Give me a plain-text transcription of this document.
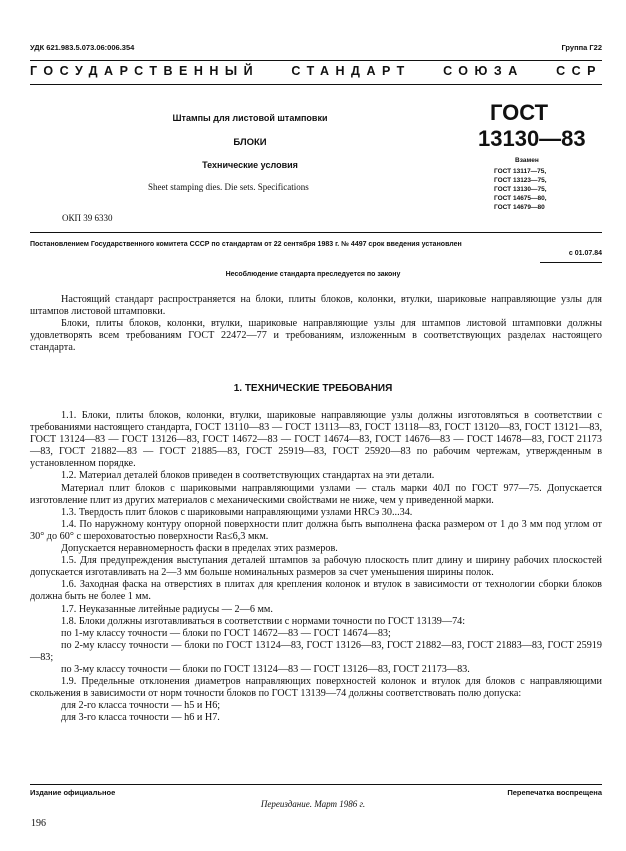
УДК 621.983.5.073.06:006.354	Группа Г22
ГОСУДАРСТВЕННЫЙ	СТАНДАРТ	СОЮЗА	ССР
Штампы для листовой штамповки
БЛОКИ
Технические условия
Sheet stamping dies. Die sets. Specifications
ОКП 39 6330
ГОСТ
13130—83
Взамен
ГОСТ 13117—75,
ГОСТ 13123—75,
ГОСТ 13130—75,
ГОСТ 14675—80,
ГОСТ 14679—80
Постановлением Государственного комитета СССР по стандартам от 22 сентября 1983 г. № 4497 срок введения установлен
с 01.07.84
Несоблюдение стандарта преследуется по закону

Настоящий стандарт распространяется на блоки, плиты блоков, колонки, втулки, шариковые направляющие узлы для штампов листовой штамповки.

Блоки, плиты блоков, колонки, втулки, шариковые направляющие узлы для штампов листовой штамповки должны удовлетворять всем требованиям ГОСТ 22472—77 и требованиям, изложенным в соответствующих разделах настоящего стандарта.

1. ТЕХНИЧЕСКИЕ ТРЕБОВАНИЯ

1.1. Блоки, плиты блоков, колонки, втулки, шариковые направляющие узлы должны изготовляться в соответствии с требованиями настоящего стандарта, ГОСТ 13110—83 — ГОСТ 13113—83, ГОСТ 13118—83, ГОСТ 13120—83, ГОСТ 13121—83, ГОСТ 13124—83 — ГОСТ 13126—83, ГОСТ 14672—83 — ГОСТ 14674—83, ГОСТ 14676—83 — ГОСТ 14678—83, ГОСТ 21173—83, ГОСТ 21882—83 — ГОСТ 21885—83, ГОСТ 25919—83, ГОСТ 25920—83 по рабочим чертежам, утвержденным в установленном порядке.

1.2. Материал деталей блоков приведен в соответствующих стандартах на эти детали.

Материал плит блоков с шариковыми направляющими узлами — сталь марки 40Л по ГОСТ 977—75. Допускается изготовление плит из других материалов с механическими свойствами не ниже, чем у приведенной марки.

1.3. Твердость плит блоков с шариковыми направляющими узлами HRCэ 30...34.

1.4. По наружному контуру опорной поверхности плит должна быть выполнена фаска размером от 1 до 3 мм под углом от 30° до 60° с шероховатостью поверхности Ra≤6,3 мкм.

Допускается неравномерность фаски в пределах этих размеров.

1.5. Для предупреждения выступания деталей штампов за рабочую плоскость плит длину и ширину рабочих плоскостей допускается изготавливать на 2—3 мм больше номинальных размеров за счет уменьшения ширины полок.

1.6. Заходная фаска на отверстиях в плитах для крепления колонок и втулок в зависимости от технологии сборки блоков должна быть не более 1 мм.

1.7. Неуказанные литейные радиусы — 2—6 мм.

1.8. Блоки должны изготавливаться в соответствии с нормами точности по ГОСТ 13139—74:

по 1-му классу точности — блоки по ГОСТ 14672—83 — ГОСТ 14674—83;

по 2-му классу точности — блоки по ГОСТ 13124—83, ГОСТ 13126—83, ГОСТ 21882—83, ГОСТ 21883—83, ГОСТ 25919—83;

по 3-му классу точности — блоки по ГОСТ 13124—83 — ГОСТ 13126—83, ГОСТ 21173—83.

1.9. Предельные отклонения диаметров направляющих поверхностей колонок и втулок для блоков с направляющими скольжения в зависимости от норм точности блоков по ГОСТ 13139—74 должны соответствовать полю допуска:

для 2-го класса точности — h5 и H6;

для 3-го класса точности — h6 и H7.

Издание официальное	Перепечатка воспрещена
Переиздание. Март 1986 г.
196
